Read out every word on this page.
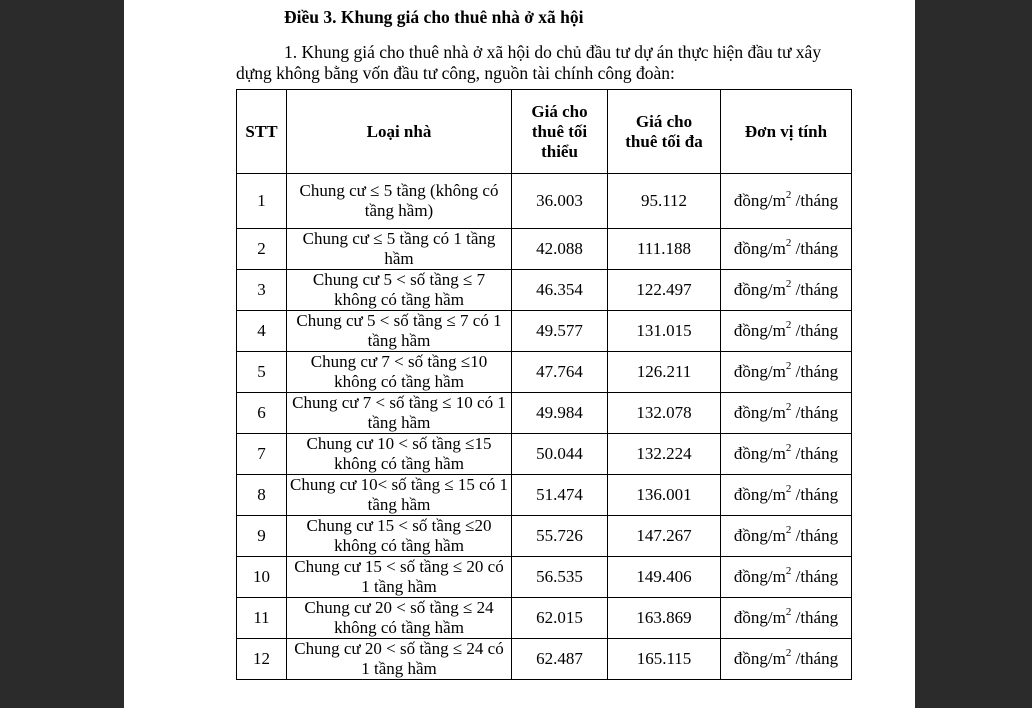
Điều 3. Khung giá cho thuê nhà ở xã hội
1. Khung giá cho thuê nhà ở xã hội do chủ đầu tư dự án thực hiện đầu tư xây dựng không bằng vốn đầu tư công, nguồn tài chính công đoàn:
STT	Loại nhà	Giá cho thuê tối thiểu	Giá cho thuê tối đa	Đơn vị tính
1	Chung cư ≤ 5 tầng (không có tầng hầm)	36.003	95.112	đồng/$m^2$ /tháng
2	Chung cư ≤ 5 tầng có 1 tầng hầm	42.088	111.188	đồng/$m^2$ /tháng
3	Chung cư 5 < số tầng ≤ 7 không có tầng hầm	46.354	122.497	đồng/$m^2$ /tháng
4	Chung cư 5 < số tầng ≤ 7 có 1 tầng hầm	49.577	131.015	đồng/$m^2$ /tháng
5	Chung cư 7 < số tầng ≤10 không có tầng hầm	47.764	126.211	đồng/$m^2$ /tháng
6	Chung cư 7 < số tầng ≤ 10 có 1 tầng hầm	49.984	132.078	đồng/$m^2$ /tháng
7	Chung cư 10 < số tầng ≤15 không có tầng hầm	50.044	132.224	đồng/$m^2$ /tháng
8	Chung cư 10< số tầng ≤ 15 có 1 tầng hầm	51.474	136.001	đồng/$m^2$ /tháng
9	Chung cư 15 < số tầng ≤20 không có tầng hầm	55.726	147.267	đồng/$m^2$ /tháng
10	Chung cư 15 < số tầng ≤ 20 có 1 tầng hầm	56.535	149.406	đồng/$m^2$ /tháng
11	Chung cư 20 < số tầng ≤ 24 không có tầng hầm	62.015	163.869	đồng/$m^2$ /tháng
12	Chung cư 20 < số tầng ≤ 24 có 1 tầng hầm	62.487	165.115	đồng/$m^2$ /tháng
